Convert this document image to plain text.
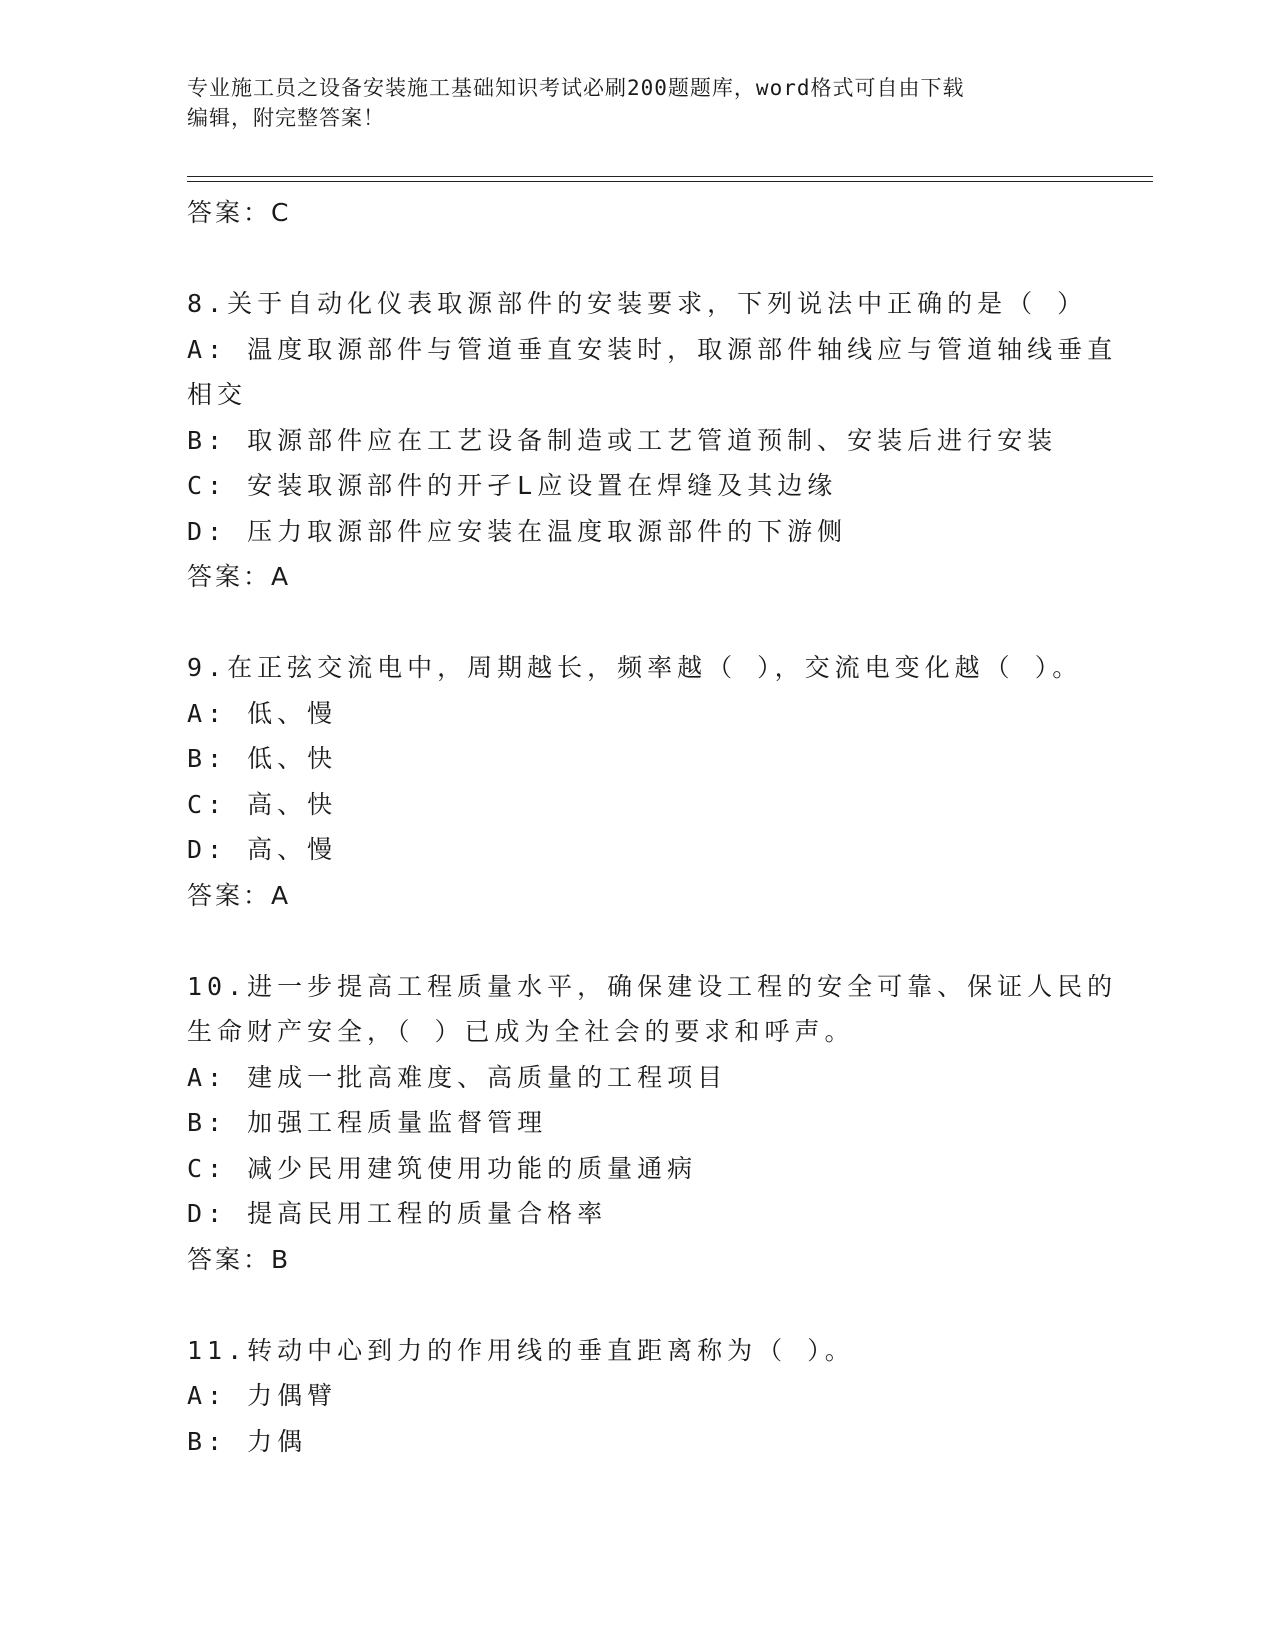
专业施工员之设备安装施工基础知识考试必刷200题题库，word格式可自由下载
编辑，附完整答案！
答案：C
8.关于自动化仪表取源部件的安装要求，下列说法中正确的是（ ）
A: 温度取源部件与管道垂直安装时，取源部件轴线应与管道轴线垂直
相交
B: 取源部件应在工艺设备制造或工艺管道预制、安装后进行安装
C: 安装取源部件的开孑L应设置在焊缝及其边缘
D: 压力取源部件应安装在温度取源部件的下游侧
答案：A
9.在正弦交流电中，周期越长，频率越（ ），交流电变化越（ ）。
A: 低、慢
B: 低、快
C: 高、快
D: 高、慢
答案：A
10.进一步提高工程质量水平，确保建设工程的安全可靠、保证人民的
生命财产安全，（ ）已成为全社会的要求和呼声。
A: 建成一批高难度、高质量的工程项目
B: 加强工程质量监督管理
C: 减少民用建筑使用功能的质量通病
D: 提高民用工程的质量合格率
答案：B
11.转动中心到力的作用线的垂直距离称为（ ）。
A: 力偶臂
B: 力偶
